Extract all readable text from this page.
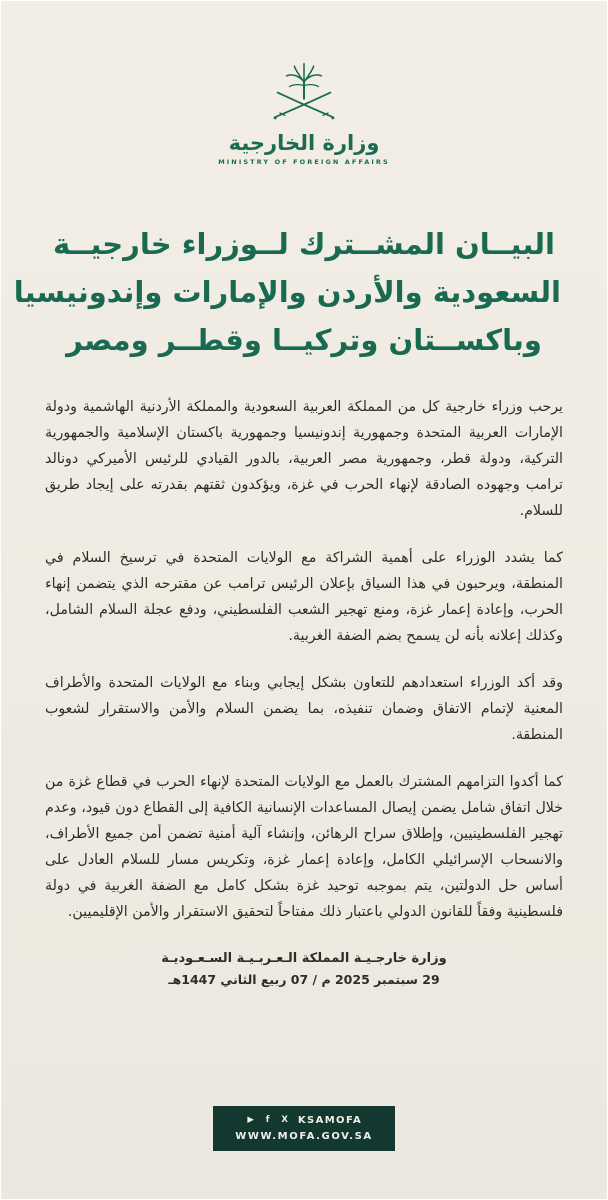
وزارة الخارجية
MINISTRY OF FOREIGN AFFAIRS
البيــان المشــترك لــوزراء خارجيــة
السعودية والأردن والإمارات وإندونيسيا
وباكســتان وتركيــا وقطــر ومصر

يرحب وزراء خارجية كل من المملكة العربية السعودية والمملكة الأردنية الهاشمية ودولة الإمارات العربية المتحدة وجمهورية إندونيسيا وجمهورية باكستان الإسلامية والجمهورية التركية، ودولة قطر، وجمهورية مصر العربية، بالدور القيادي للرئيس الأميركي دونالد ترامب وجهوده الصادقة لإنهاء الحرب في غزة، ويؤكدون ثقتهم بقدرته على إيجاد طريق للسلام.

كما يشدد الوزراء على أهمية الشراكة مع الولايات المتحدة في ترسيخ السلام في المنطقة، ويرحبون في هذا السياق بإعلان الرئيس ترامب عن مقترحه الذي يتضمن إنهاء الحرب، وإعادة إعمار غزة، ومنع تهجير الشعب الفلسطيني، ودفع عجلة السلام الشامل، وكذلك إعلانه بأنه لن يسمح بضم الضفة الغربية.

وقد أكد الوزراء استعدادهم للتعاون بشكل إيجابي وبناء مع الولايات المتحدة والأطراف المعنية لإتمام الاتفاق وضمان تنفيذه، بما يضمن السلام والأمن والاستقرار لشعوب المنطقة.

كما أكدوا التزامهم المشترك بالعمل مع الولايات المتحدة لإنهاء الحرب في قطاع غزة من خلال اتفاق شامل يضمن إيصال المساعدات الإنسانية الكافية إلى القطاع دون قيود، وعدم تهجير الفلسطينيين، وإطلاق سراح الرهائن، وإنشاء آلية أمنية تضمن أمن جميع الأطراف، والانسحاب الإسرائيلي الكامل، وإعادة إعمار غزة، وتكريس مسار للسلام العادل على أساس حل الدولتين، يتم بموجبه توحيد غزة بشكل كامل مع الضفة الغربية في دولة فلسطينية وفقاً للقانون الدولي باعتبار ذلك مفتاحاً لتحقيق الاستقرار والأمن الإقليميين.

وزارة خارجـيـة المملكة الـعـربـيـة السـعـوديـة
29 سبتمبر 2025 م / 07 ربيع الثاني 1447هـ
▶	f	X KSAMOFA
WWW.MOFA.GOV.SA
